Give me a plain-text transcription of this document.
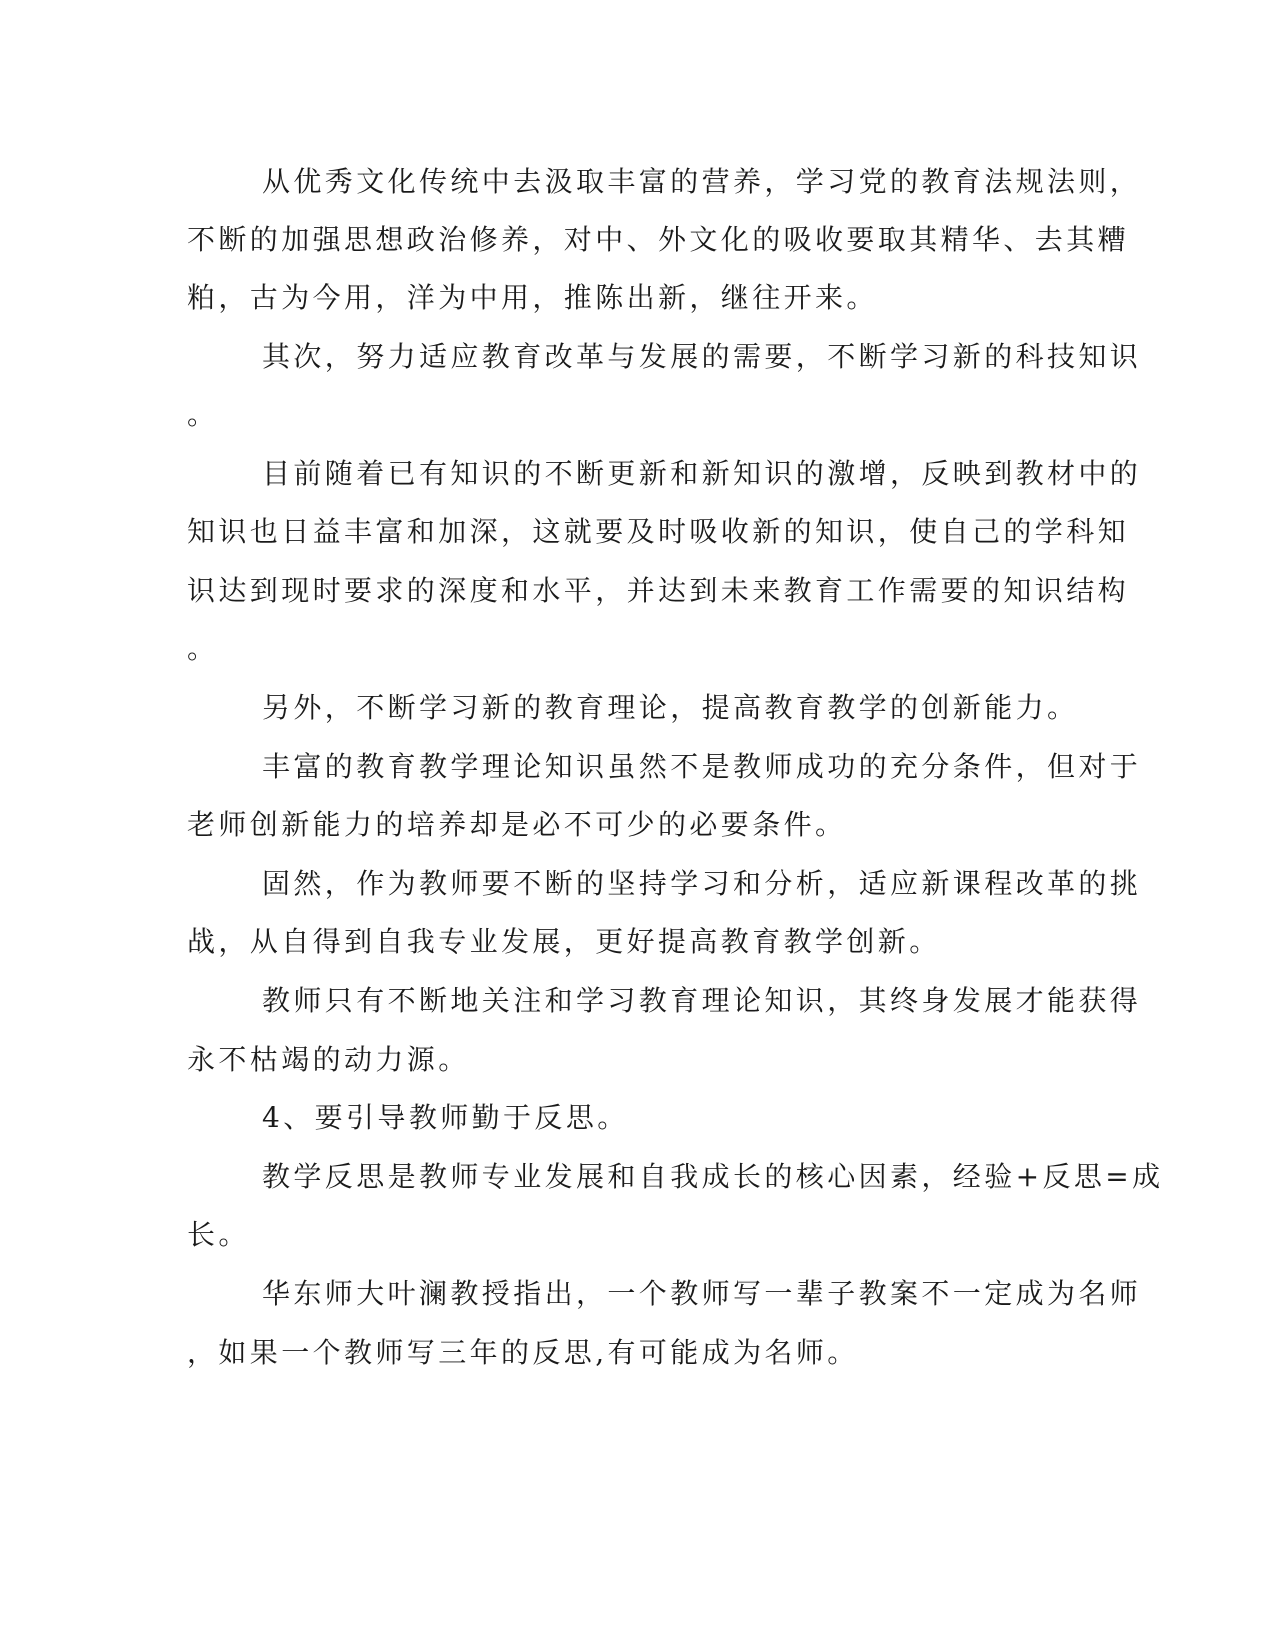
从优秀文化传统中去汲取丰富的营养，学习党的教育法规法则，
不断的加强思想政治修养，对中、外文化的吸收要取其精华、去其糟
粕，古为今用，洋为中用，推陈出新，继往开来。
其次，努力适应教育改革与发展的需要，不断学习新的科技知识
。
目前随着已有知识的不断更新和新知识的激增，反映到教材中的
知识也日益丰富和加深，这就要及时吸收新的知识，使自己的学科知
识达到现时要求的深度和水平，并达到未来教育工作需要的知识结构
。
另外，不断学习新的教育理论，提高教育教学的创新能力。
丰富的教育教学理论知识虽然不是教师成功的充分条件，但对于
老师创新能力的培养却是必不可少的必要条件。
固然，作为教师要不断的坚持学习和分析，适应新课程改革的挑
战，从自得到自我专业发展，更好提高教育教学创新。
教师只有不断地关注和学习教育理论知识，其终身发展才能获得
永不枯竭的动力源。
4、要引导教师勤于反思。
教学反思是教师专业发展和自我成长的核心因素，经验+反思=成
长。
华东师大叶澜教授指出，一个教师写一辈子教案不一定成为名师
，如果一个教师写三年的反思,有可能成为名师。
